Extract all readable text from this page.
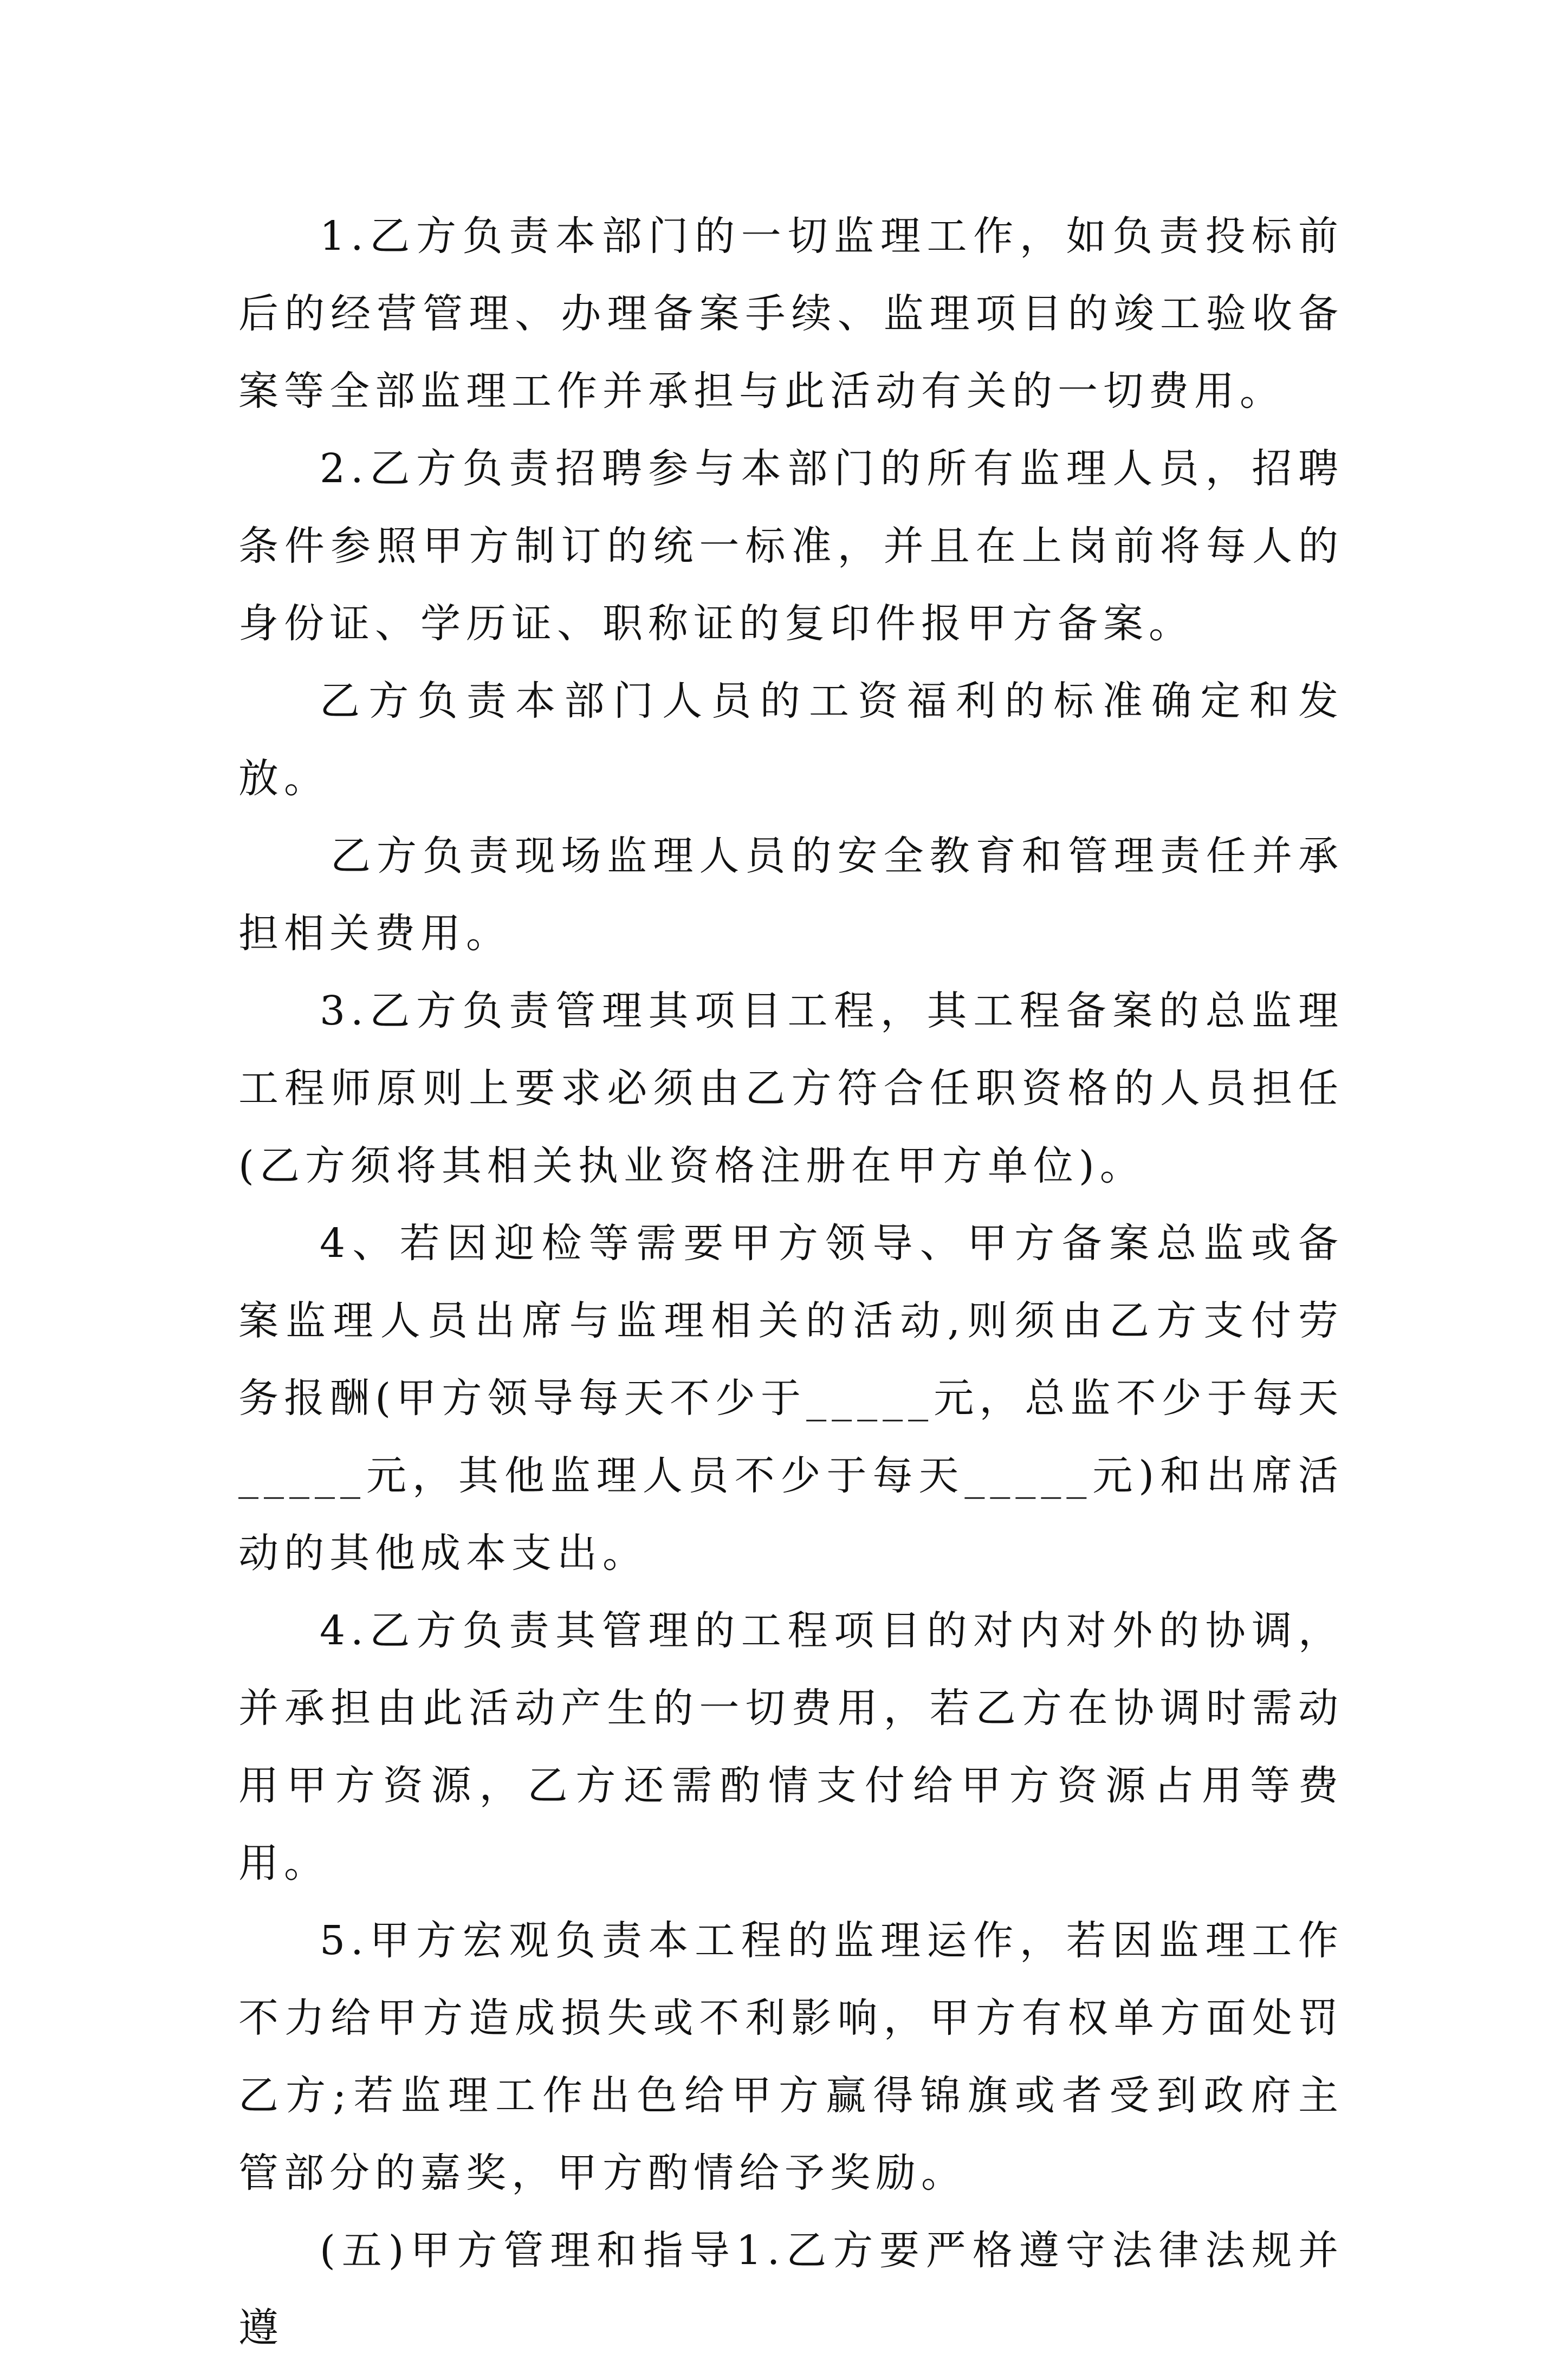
1.乙方负责本部门的一切监理工作，如负责投标前后的经营管理、办理备案手续、监理项目的竣工验收备案等全部监理工作并承担与此活动有关的一切费用。

2.乙方负责招聘参与本部门的所有监理人员，招聘条件参照甲方制订的统一标准，并且在上岗前将每人的身份证、学历证、职称证的复印件报甲方备案。

乙方负责本部门人员的工资福利的标准确定和发放。

乙方负责现场监理人员的安全教育和管理责任并承担相关费用。

3.乙方负责管理其项目工程，其工程备案的总监理工程师原则上要求必须由乙方符合任职资格的人员担任(乙方须将其相关执业资格注册在甲方单位)。

4、若因迎检等需要甲方领导、甲方备案总监或备案监理人员出席与监理相关的活动,则须由乙方支付劳务报酬(甲方领导每天不少于_____元，总监不少于每天_____元，其他监理人员不少于每天_____元)和出席活动的其他成本支出。

4.乙方负责其管理的工程项目的对内对外的协调，并承担由此活动产生的一切费用，若乙方在协调时需动用甲方资源，乙方还需酌情支付给甲方资源占用等费用。

5.甲方宏观负责本工程的监理运作，若因监理工作不力给甲方造成损失或不利影响，甲方有权单方面处罚乙方;若监理工作出色给甲方赢得锦旗或者受到政府主管部分的嘉奖，甲方酌情给予奖励。

(五)甲方管理和指导1.乙方要严格遵守法律法规并遵
